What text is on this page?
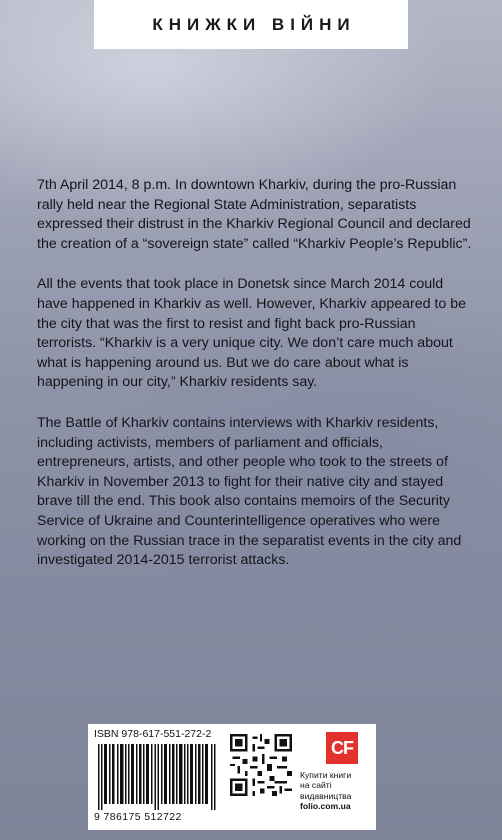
КНИЖКИ ВІЙНИ

7th April 2014, 8 p.m. In downtown Kharkiv, during the pro-Russian rally held near the Regional State Administration, separatists expressed their distrust in the Kharkiv Regional Council and declared the creation of a “sovereign state” called “Kharkiv People’s Republic”.

All the events that took place in Donetsk since March 2014 could have happened in Kharkiv as well. However, Kharkiv appeared to be the city that was the first to resist and fight back pro-Russian terrorists. “Kharkiv is a very unique city. We don’t care much about what is happening around us. But we do care about what is happening in our city,” Kharkiv residents say.

The Battle of Kharkiv contains interviews with Kharkiv residents, including activists, members of parliament and officials, entrepreneurs, artists, and other people who took to the streets of Kharkiv in November 2013 to fight for their native city and stayed brave till the end. This book also contains memoirs of the Security Service of Ukraine and Counterintelligence operatives who were working on the Russian trace in the separatist events in the city and investigated 2014-2015 terrorist attacks.

ISBN 978-617-551-272-2
9 786175 512722
CF
Купити книги
на сайті
видавництва
folio.com.ua
